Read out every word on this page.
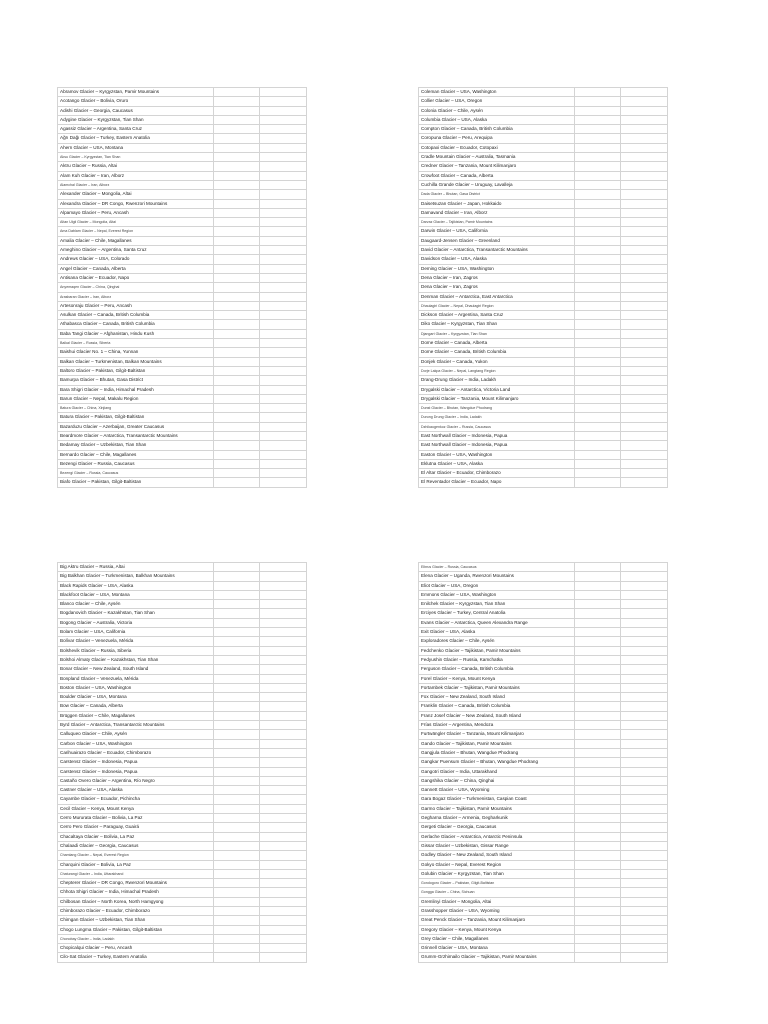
Abramov Glacier – Kyrgyzstan, Pamir Mountains		
Acotango Glacier – Bolivia, Oruro		
Adishi Glacier – Georgia, Caucasus		
Adygine Glacier – Kyrgyzstan, Tian Shan		
Agassiz Glacier – Argentina, Santa Cruz		
Ağrı Dağı Glacier – Turkey, Eastern Anatolia		
Ahern Glacier – USA, Montana		
Aksu Glacier – Kyrgyzstan, Tian Shan		
Aktru Glacier – Russia, Altai		
Alam Kuh Glacier – Iran, Alborz		
Alamchal Glacier – Iran, Alborz		
Alexander Glacier – Mongolia, Altai		
Alexandra Glacier – DR Congo, Rwenzori Mountains		
Alpamayo Glacier – Peru, Ancash		
Altan Ulgii Glacier – Mongolia, Altai		
Ama Dablam Glacier – Nepal, Everest Region		
Amalia Glacier – Chile, Magallanes		
Ameghino Glacier – Argentina, Santa Cruz		
Andrews Glacier – USA, Colorado		
Angel Glacier – Canada, Alberta		
Antisana Glacier – Ecuador, Napo		
Anyemaqen Glacier – China, Qinghai		
Arasbaran Glacier – Iran, Alborz		
Artesonraju Glacier – Peru, Ancash		
Asulkan Glacier – Canada, British Columbia		
Athabasca Glacier – Canada, British Columbia		
Baba Tangi Glacier – Afghanistan, Hindu Kush		
Baikal Glacier – Russia, Siberia		
Baishui Glacier No. 1 – China, Yunnan		
Balkan Glacier – Turkmenistan, Balkan Mountains		
Baltoro Glacier – Pakistan, Gilgit-Baltistan		
Bamurpa Glacier – Bhutan, Gasa District		
Bara Shigri Glacier – India, Himachal Pradesh		
Barun Glacier – Nepal, Makalu Region		
Batura Glacier – China, Xinjiang		
Batura Glacier – Pakistan, Gilgit-Baltistan		
Bazarduzu Glacier – Azerbaijan, Greater Caucasus		
Beardmore Glacier – Antarctica, Transantarctic Mountains		
Bedamay Glacier – Uzbekistan, Tian Shan		
Bernardo Glacier – Chile, Magallanes		
Bezengi Glacier – Russia, Caucasus		
Bezengi Glacier – Russia, Caucasus		
Biafo Glacier – Pakistan, Gilgit-Baltistan		
Coleman Glacier – USA, Washington		
Collier Glacier – USA, Oregon		
Colonia Glacier – Chile, Aysén		
Columbia Glacier – USA, Alaska		
Compton Glacier – Canada, British Columbia		
Coropuna Glacier – Peru, Arequipa		
Cotopaxi Glacier – Ecuador, Cotopaxi		
Cradle Mountain Glacier – Australia, Tasmania		
Credner Glacier – Tanzania, Mount Kilimanjaro		
Crowfoot Glacier – Canada, Alberta		
Cuchilla Grande Glacier – Uruguay, Lavalleja		
Dada Glacier – Bhutan, Gasa District		
Daisetsuzan Glacier – Japan, Hokkaido		
Damavand Glacier – Iran, Alborz		
Darvaz Glacier – Tajikistan, Pamir Mountains		
Darwin Glacier – USA, California		
Daugaard-Jensen Glacier – Greenland		
David Glacier – Antarctica, Transantarctic Mountains		
Davidson Glacier – USA, Alaska		
Deming Glacier – USA, Washington		
Dena Glacier – Iran, Zagros		
Dena Glacier – Iran, Zagros		
Denman Glacier – Antarctica, East Antarctica		
Dhaulagiri Glacier – Nepal, Dhaulagiri Region		
Dickson Glacier – Argentina, Santa Cruz		
Diko Glacier – Kyrgyzstan, Tian Shan		
Djangart Glacier – Kyrgyzstan, Tian Shan		
Dome Glacier – Canada, Alberta		
Dome Glacier – Canada, British Columbia		
Donjek Glacier – Canada, Yukon		
Dorje Lakpa Glacier – Nepal, Langtang Region		
Drang-Drung Glacier – India, Ladakh		
Drygalski Glacier – Antarctica, Victoria Land		
Drygalski Glacier – Tanzania, Mount Kilimanjaro		
Dunst Glacier – Bhutan, Wangdue Phodrang		
Durung Drung Glacier – India, Ladakh		
Dzhikaugenkoz Glacier – Russia, Caucasus		
East Northwall Glacier – Indonesia, Papua		
East Northwall Glacier – Indonesia, Papua		
Easton Glacier – USA, Washington		
Eklutna Glacier – USA, Alaska		
El Altar Glacier – Ecuador, Chimborazo		
El Reventador Glacier – Ecuador, Napo		
Big Aktru Glacier – Russia, Altai		
Big Balkhan Glacier – Turkmenistan, Balkhan Mountains		
Black Rapids Glacier – USA, Alaska		
Blackfoot Glacier – USA, Montana		
Blanco Glacier – Chile, Aysén		
Bogdanovich Glacier – Kazakhstan, Tian Shan		
Bogong Glacier – Australia, Victoria		
Bolam Glacier – USA, California		
Bolívar Glacier – Venezuela, Mérida		
Bolshevik Glacier – Russia, Siberia		
Bolshoi Almaty Glacier – Kazakhstan, Tian Shan		
Bonar Glacier – New Zealand, South Island		
Bonpland Glacier – Venezuela, Mérida		
Boston Glacier – USA, Washington		
Boulder Glacier – USA, Montana		
Bow Glacier – Canada, Alberta		
Brüggen Glacier – Chile, Magallanes		
Byrd Glacier – Antarctica, Transantarctic Mountains		
Calluqueo Glacier – Chile, Aysén		
Carbon Glacier – USA, Washington		
Carihuairazo Glacier – Ecuador, Chimborazo		
Carstensz Glacier – Indonesia, Papua		
Carstensz Glacier – Indonesia, Papua		
Castaño Overo Glacier – Argentina, Río Negro		
Castner Glacier – USA, Alaska		
Cayambe Glacier – Ecuador, Pichincha		
Cecil Glacier – Kenya, Mount Kenya		
Cerro Mururata Glacier – Bolivia, La Paz		
Cerro Pero Glacier – Paraguay, Guairá		
Chacaltaya Glacier – Bolivia, La Paz		
Chalaadi Glacier – Georgia, Caucasus		
Chamlang Glacier – Nepal, Everest Region		
Charquini Glacier – Bolivia, La Paz		
Chaturangi Glacier – India, Uttarakhand		
Chepterer Glacier – DR Congo, Rwenzori Mountains		
Chhota Shigri Glacier – India, Himachal Pradesh		
Chilbosan Glacier – North Korea, North Hamgyong		
Chimborazo Glacier – Ecuador, Chimborazo		
Chimgan Glacier – Uzbekistan, Tian Shan		
Chogo Lungma Glacier – Pakistan, Gilgit-Baltistan		
Chonobay Glacier – India, Ladakh		
Chopicalqui Glacier – Peru, Ancash		
Cilo-Sat Glacier – Turkey, Eastern Anatolia		
Elbrus Glacier – Russia, Caucasus		
Elena Glacier – Uganda, Rwenzori Mountains		
Eliot Glacier – USA, Oregon		
Emmons Glacier – USA, Washington		
Enilchek Glacier – Kyrgyzstan, Tian Shan		
Erciyes Glacier – Turkey, Central Anatolia		
Evans Glacier – Antarctica, Queen Alexandra Range		
Exit Glacier – USA, Alaska		
Exploradores Glacier – Chile, Aysén		
Fedchenko Glacier – Tajikistan, Pamir Mountains		
Fedyushin Glacier – Russia, Kamchatka		
Ferguson Glacier – Canada, British Columbia		
Forel Glacier – Kenya, Mount Kenya		
Fortambek Glacier – Tajikistan, Pamir Mountains		
Fox Glacier – New Zealand, South Island		
Franklin Glacier – Canada, British Columbia		
Franz Josef Glacier – New Zealand, South Island		
Frías Glacier – Argentina, Mendoza		
Furtwängler Glacier – Tanzania, Mount Kilimanjaro		
Gando Glacier – Tajikistan, Pamir Mountains		
Gangjula Glacier – Bhutan, Wangdue Phodrang		
Gangkar Puensum Glacier – Bhutan, Wangdue Phodrang		
Gangotri Glacier – India, Uttarakhand		
Gangshika Glacier – China, Qinghai		
Gannett Glacier – USA, Wyoming		
Gara Bogaz Glacier – Turkmenistan, Caspian Coast		
Garmo Glacier – Tajikistan, Pamir Mountains		
Gegharna Glacier – Armenia, Gegharkunik		
Gergeti Glacier – Georgia, Caucasus		
Gerlache Glacier – Antarctica, Antarctic Peninsula		
Gissar Glacier – Uzbekistan, Gissar Range		
Godley Glacier – New Zealand, South Island		
Gokyo Glacier – Nepal, Everest Region		
Golubin Glacier – Kyrgyzstan, Tian Shan		
Gondogoro Glacier – Pakistan, Gilgit-Baltistan		
Gongga Glacier – China, Sichuan		
Gremlinyi Glacier – Mongolia, Altai		
Grasshopper Glacier – USA, Wyoming		
Great Penck Glacier – Tanzania, Mount Kilimanjaro		
Gregory Glacier – Kenya, Mount Kenya		
Grey Glacier – Chile, Magallanes		
Grinnell Glacier – USA, Montana		
Grumm-Grzhimailo Glacier – Tajikistan, Pamir Mountains		
